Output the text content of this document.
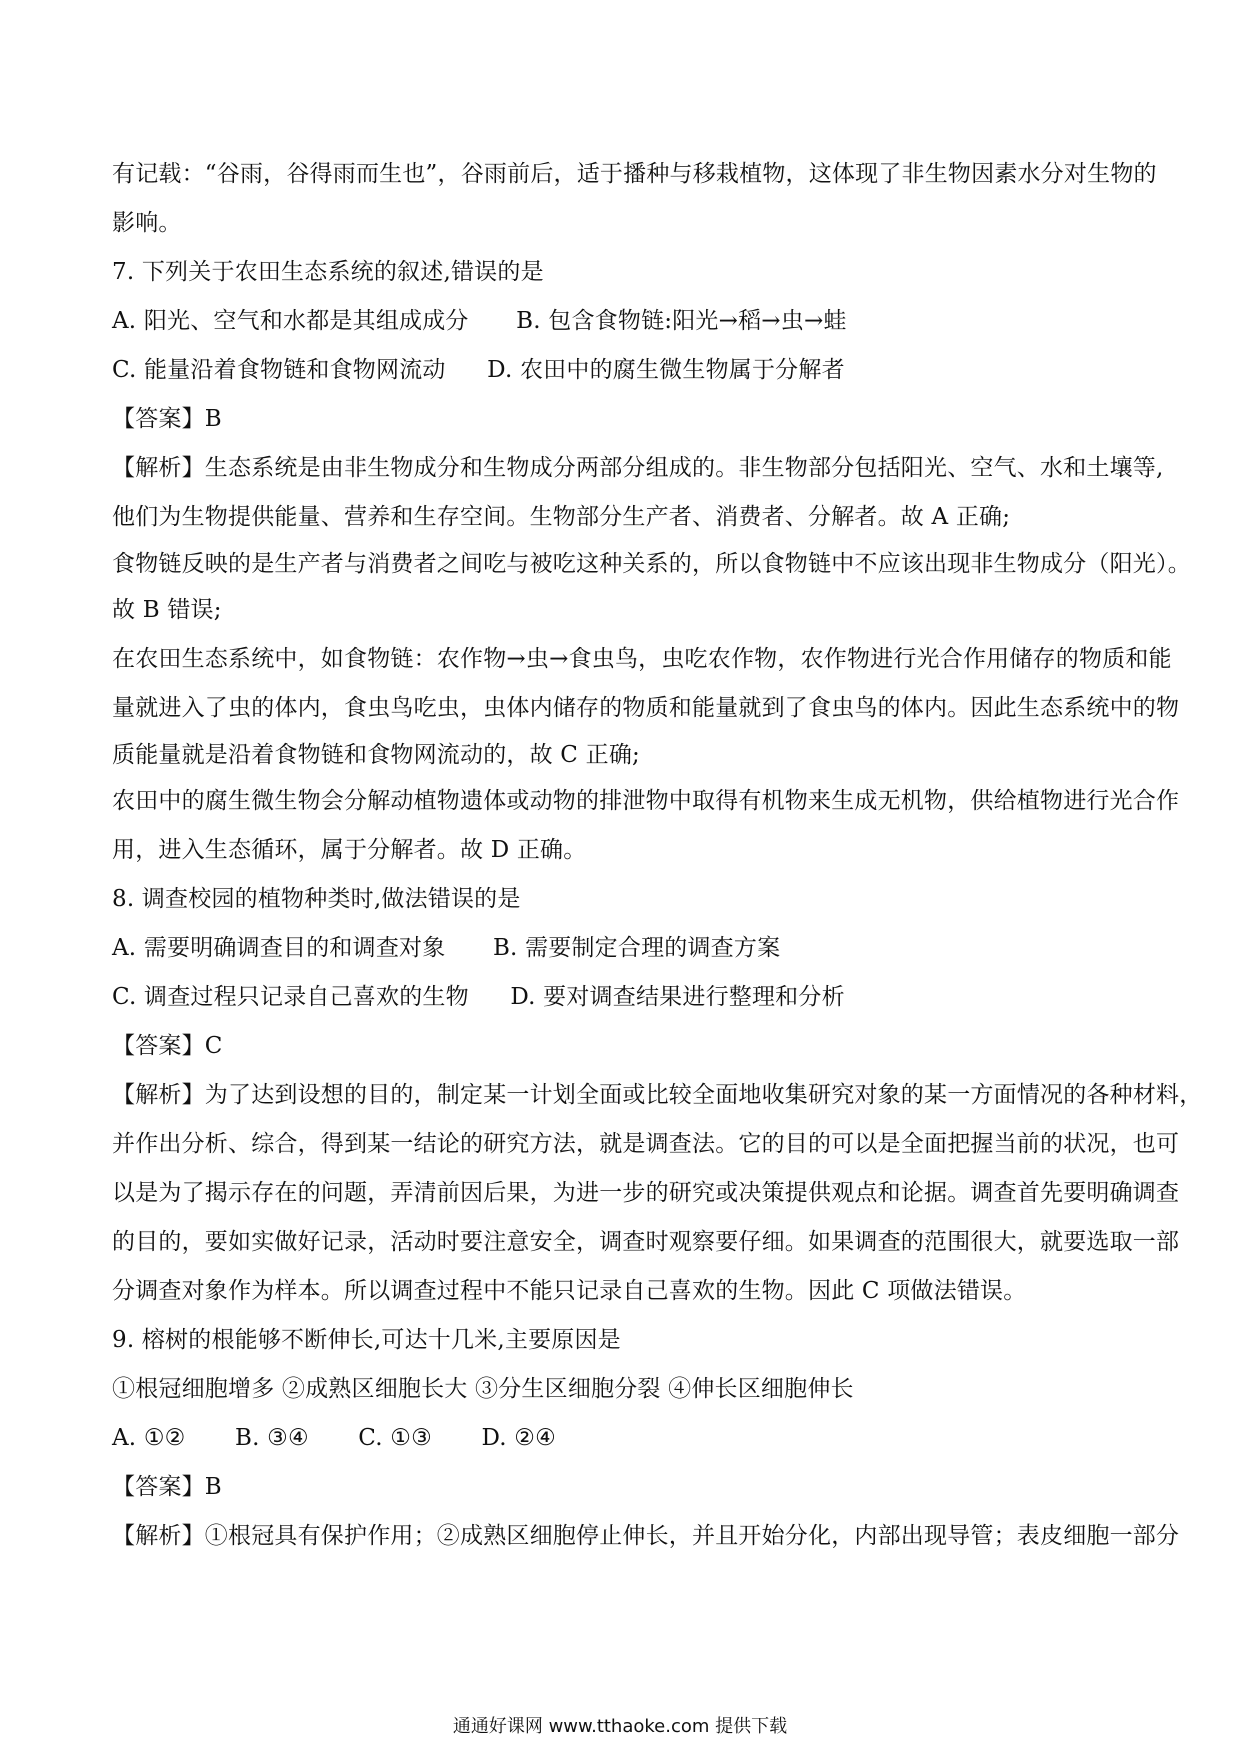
有记载：“谷雨，谷得雨而生也”，谷雨前后，适于播种与移栽植物，这体现了非生物因素水分对生物的
影响。
7. 下列关于农田生态系统的叙述,错误的是
A. 阳光、空气和水都是其组成成分 B. 包含食物链:阳光→稻→虫→蛙
C. 能量沿着食物链和食物网流动 D. 农田中的腐生微生物属于分解者
【答案】B
【解析】生态系统是由非生物成分和生物成分两部分组成的。非生物部分包括阳光、空气、水和土壤等,
他们为生物提供能量、营养和生存空间。生物部分生产者、消费者、分解者。故 A 正确;
食物链反映的是生产者与消费者之间吃与被吃这种关系的，所以食物链中不应该出现非生物成分（阳光）。
故 B 错误;
在农田生态系统中，如食物链：农作物→虫→食虫鸟，虫吃农作物，农作物进行光合作用储存的物质和能
量就进入了虫的体内，食虫鸟吃虫，虫体内储存的物质和能量就到了食虫鸟的体内。因此生态系统中的物
质能量就是沿着食物链和食物网流动的，故 C 正确;
农田中的腐生微生物会分解动植物遗体或动物的排泄物中取得有机物来生成无机物，供给植物进行光合作
用，进入生态循环，属于分解者。故 D 正确。
8. 调查校园的植物种类时,做法错误的是
A. 需要明确调查目的和调查对象 B. 需要制定合理的调查方案
C. 调查过程只记录自己喜欢的生物 D. 要对调查结果进行整理和分析
【答案】C
【解析】为了达到设想的目的，制定某一计划全面或比较全面地收集研究对象的某一方面情况的各种材料，
并作出分析、综合，得到某一结论的研究方法，就是调查法。它的目的可以是全面把握当前的状况，也可
以是为了揭示存在的问题，弄清前因后果，为进一步的研究或决策提供观点和论据。调查首先要明确调查
的目的，要如实做好记录，活动时要注意安全，调查时观察要仔细。如果调查的范围很大，就要选取一部
分调查对象作为样本。所以调查过程中不能只记录自己喜欢的生物。因此 C 项做法错误。
9. 榕树的根能够不断伸长,可达十几米,主要原因是
①根冠细胞增多 ②成熟区细胞长大 ③分生区细胞分裂 ④伸长区细胞伸长
A. ①② B. ③④ C. ①③ D. ②④
【答案】B
【解析】①根冠具有保护作用；②成熟区细胞停止伸长，并且开始分化，内部出现导管；表皮细胞一部分
通通好课网 www.tthaoke.com 提供下载
